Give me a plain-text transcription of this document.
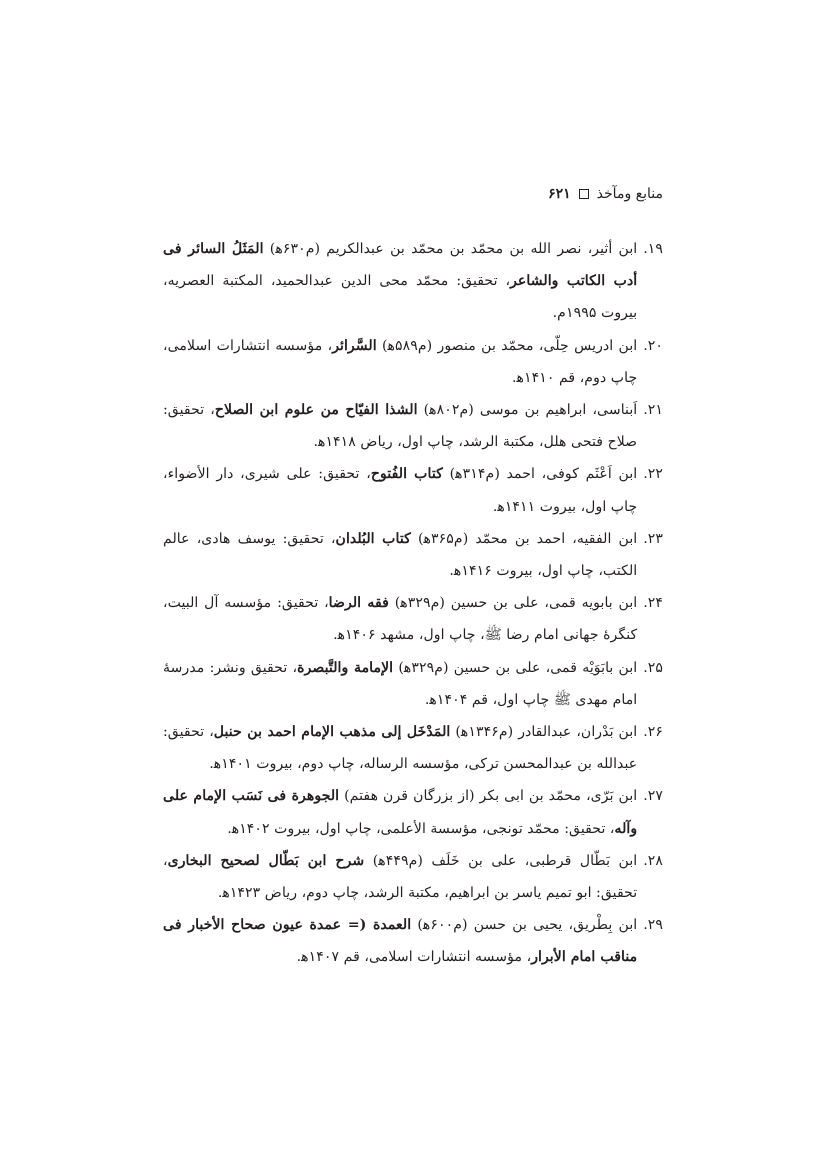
منابع ومآخذ
۶۲۱
۱۹.
ابن أثیر، نصر الله بن محمّد بن محمّد بن عبدالکریم (م۶۳۰ه‍) المَثَلُ السائر فی أدب الکاتب والشاعر، تحقیق: محمّد محی الدین عبدالحمید، المکتبة العصریه، بیروت ۱۹۹۵م.
۲۰.
ابن ادریس حِلّی، محمّد بن منصور (م۵۸۹ه‍) السَّرائر، مؤسسه انتشارات اسلامی، چاپ دوم، قم ۱۴۱۰ه‍.
۲۱.
اَبناسی، ابراهیم بن موسی (م۸۰۲ه‍) الشذا الفیّاح من علوم ابن الصلاح، تحقیق: صلاح فتحی هلل، مکتبة الرشد، چاپ اول، ریاض ۱۴۱۸ه‍.
۲۲.
ابن اَعْثَم کوفی، احمد (م۳۱۴ه‍) کتاب الفُتوح، تحقیق: علی شیری، دار الأضواء، چاپ اول، بیروت ۱۴۱۱ه‍.
۲۳.
ابن الفقیه، احمد بن محمّد (م۳۶۵ه‍) کتاب البُلدان، تحقیق: یوسف هادی، عالم الکتب، چاپ اول، بیروت ۱۴۱۶ه‍.
۲۴.
ابن بابویه قمی، علی بن حسین (م۳۲۹ه‍) فقه الرضا، تحقیق: مؤسسه آل البیت، کنگرهٔ جهانی امام رضا ﷺ، چاپ اول، مشهد ۱۴۰۶ه‍.
۲۵.
ابن بابَوَیْه قمی، علی بن حسین (م۳۲۹ه‍) الإمامة والتَّبصرة، تحقیق ونشر: مدرسهٔ امام مهدی ﷺ چاپ اول، قم ۱۴۰۴ه‍.
۲۶.
ابن بَدْران، عبدالقادر (م۱۳۴۶ه‍) المَدْخَل إلی مذهب الإمام احمد بن حنبل، تحقیق: عبدالله بن عبدالمحسن ترکی، مؤسسه الرساله، چاپ دوم، بیروت ۱۴۰۱ه‍.
۲۷.
ابن بَرّی، محمّد بن ابی بکر (از بزرگان قرن هفتم) الجوهرة فی نَسَب الإمام علی وآله، تحقیق: محمّد تونجی، مؤسسة الأعلمی، چاپ اول، بیروت ۱۴۰۲ه‍.
۲۸.
ابن بَطّال قرطبی، علی بن خَلَف (م۴۴۹ه‍) شرح ابن بَطّال لصحیح البخاری، تحقیق: ابو تمیم یاسر بن ابراهیم، مکتبة الرشد، چاپ دوم، ریاض ۱۴۲۳ه‍.
۲۹.
ابن بِطْریق، یحیی بن حسن (م۶۰۰ه‍) العمدة (= عمدة عیون صحاح الأخبار فی مناقب امام الأبرار، مؤسسه انتشارات اسلامی، قم ۱۴۰۷ه‍.
